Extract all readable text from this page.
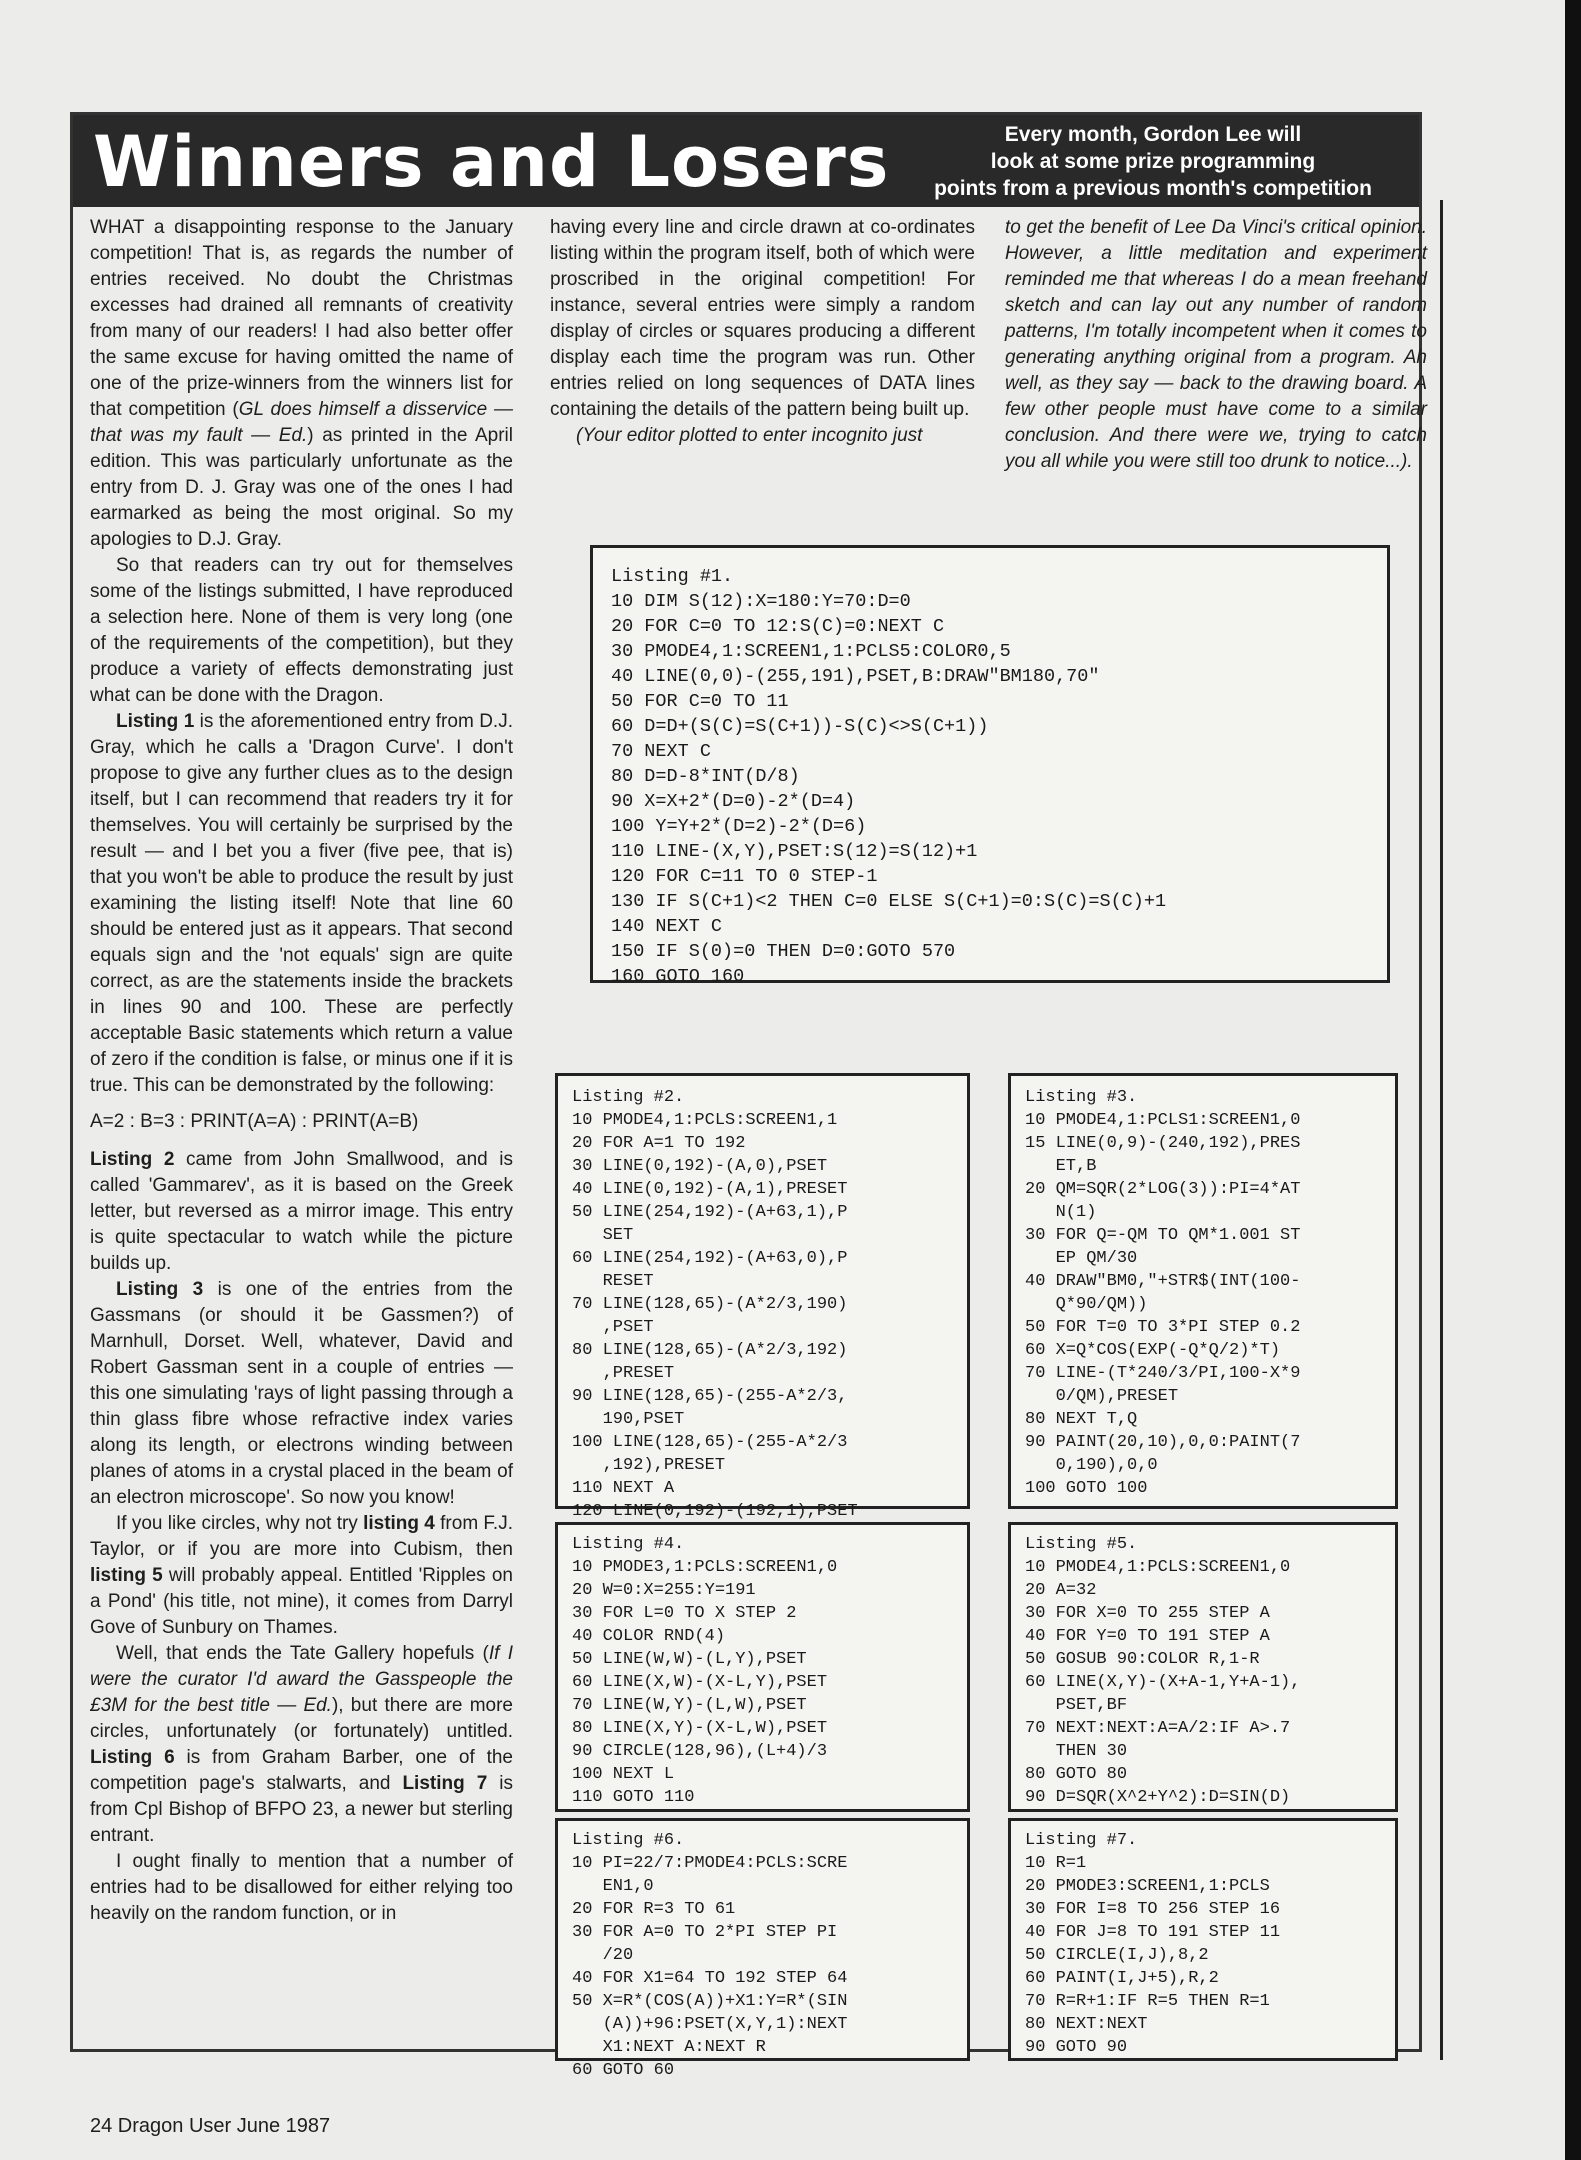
Winners and Losers	Every month, Gordon Lee will
look at some prize programming
points from a previous month's competition

WHAT a disappointing response to the January competition! That is, as regards the number of entries received. No doubt the Christmas excesses had drained all remnants of creativity from many of our readers! I had also better offer the same excuse for having omitted the name of one of the prize-winners from the winners list for that competition (GL does himself a disservice — that was my fault — Ed.) as printed in the April edition. This was particularly unfortunate as the entry from D. J. Gray was one of the ones I had earmarked as being the most original. So my apologies to D.J. Gray.

So that readers can try out for themselves some of the listings submitted, I have reproduced a selection here. None of them is very long (one of the requirements of the competition), but they produce a variety of effects demonstrating just what can be done with the Dragon.

Listing 1 is the aforementioned entry from D.J. Gray, which he calls a 'Dragon Curve'. I don't propose to give any further clues as to the design itself, but I can recommend that readers try it for themselves. You will certainly be surprised by the result — and I bet you a fiver (five pee, that is) that you won't be able to produce the result by just examining the listing itself! Note that line 60 should be entered just as it appears. That second equals sign and the 'not equals' sign are quite correct, as are the statements inside the brackets in lines 90 and 100. These are perfectly acceptable Basic statements which return a value of zero if the condition is false, or minus one if it is true. This can be demonstrated by the following:

A=2 : B=3 : PRINT(A=A) : PRINT(A=B)

Listing 2 came from John Smallwood, and is called 'Gammarev', as it is based on the Greek letter, but reversed as a mirror image. This entry is quite spectacular to watch while the picture builds up.

Listing 3 is one of the entries from the Gassmans (or should it be Gassmen?) of Marnhull, Dorset. Well, whatever, David and Robert Gassman sent in a couple of entries — this one simulating 'rays of light passing through a thin glass fibre whose refractive index varies along its length, or electrons winding between planes of atoms in a crystal placed in the beam of an electron microscope'. So now you know!

If you like circles, why not try listing 4 from F.J. Taylor, or if you are more into Cubism, then listing 5 will probably appeal. Entitled 'Ripples on a Pond' (his title, not mine), it comes from Darryl Gove of Sunbury on Thames.

Well, that ends the Tate Gallery hopefuls (If I were the curator I'd award the Gasspeople the £3M for the best title — Ed.), but there are more circles, unfortunately (or fortunately) untitled. Listing 6 is from Graham Barber, one of the competition page's stalwarts, and Listing 7 is from Cpl Bishop of BFPO 23, a newer but sterling entrant.

I ought finally to mention that a number of entries had to be disallowed for either relying too heavily on the random function, or in

having every line and circle drawn at co-ordinates listing within the program itself, both of which were proscribed in the original competition! For instance, several entries were simply a random display of circles or squares producing a different display each time the program was run. Other entries relied on long sequences of DATA lines containing the details of the pattern being built up.

(Your editor plotted to enter incognito just

to get the benefit of Lee Da Vinci's critical opinion. However, a little meditation and experiment reminded me that whereas I do a mean freehand sketch and can lay out any number of random patterns, I'm totally incompetent when it comes to generating anything original from a program. Ah well, as they say — back to the drawing board. A few other people must have come to a similar conclusion. And there were we, trying to catch you all while you were still too drunk to notice...).

Listing #1.
10 DIM S(12):X=180:Y=70:D=0
20 FOR C=0 TO 12:S(C)=0:NEXT C
30 PMODE4,1:SCREEN1,1:PCLS5:COLOR0,5
40 LINE(0,0)-(255,191),PSET,B:DRAW"BM180,70"
50 FOR C=0 TO 11
60 D=D+(S(C)=S(C+1))-S(C)<>S(C+1))
70 NEXT C
80 D=D-8*INT(D/8)
90 X=X+2*(D=0)-2*(D=4)
100 Y=Y+2*(D=2)-2*(D=6)
110 LINE-(X,Y),PSET:S(12)=S(12)+1
120 FOR C=11 TO 0 STEP-1
130 IF S(C+1)<2 THEN C=0 ELSE S(C+1)=0:S(C)=S(C)+1
140 NEXT C
150 IF S(0)=0 THEN D=0:GOTO 570
160 GOTO 160
Listing #2.
10 PMODE4,1:PCLS:SCREEN1,1
20 FOR A=1 TO 192
30 LINE(0,192)-(A,0),PSET
40 LINE(0,192)-(A,1),PRESET
50 LINE(254,192)-(A+63,1),P
SET
60 LINE(254,192)-(A+63,0),P
RESET
70 LINE(128,65)-(A*2/3,190)
,PSET
80 LINE(128,65)-(A*2/3,192)
,PRESET
90 LINE(128,65)-(255-A*2/3,
190,PSET
100 LINE(128,65)-(255-A*2/3
,192),PRESET
110 NEXT A
120 LINE(0,192)-(192,1),PSET
Listing #3.
10 PMODE4,1:PCLS1:SCREEN1,0
15 LINE(0,9)-(240,192),PRES
ET,B
20 QM=SQR(2*LOG(3)):PI=4*AT
N(1)
30 FOR Q=-QM TO QM*1.001 ST
EP QM/30
40 DRAW"BM0,"+STR$(INT(100-
Q*90/QM))
50 FOR T=0 TO 3*PI STEP 0.2
60 X=Q*COS(EXP(-Q*Q/2)*T)
70 LINE-(T*240/3/PI,100-X*9
0/QM),PRESET
80 NEXT T,Q
90 PAINT(20,10),0,0:PAINT(7
0,190),0,0
100 GOTO 100
Listing #4.
10 PMODE3,1:PCLS:SCREEN1,0
20 W=0:X=255:Y=191
30 FOR L=0 TO X STEP 2
40 COLOR RND(4)
50 LINE(W,W)-(L,Y),PSET
60 LINE(X,W)-(X-L,Y),PSET
70 LINE(W,Y)-(L,W),PSET
80 LINE(X,Y)-(X-L,W),PSET
90 CIRCLE(128,96),(L+4)/3
100 NEXT L
110 GOTO 110
Listing #5.
10 PMODE4,1:PCLS:SCREEN1,0
20 A=32
30 FOR X=0 TO 255 STEP A
40 FOR Y=0 TO 191 STEP A
50 GOSUB 90:COLOR R,1-R
60 LINE(X,Y)-(X+A-1,Y+A-1),
PSET,BF
70 NEXT:NEXT:A=A/2:IF A>.7
THEN 30
80 GOTO 80
90 D=SQR(X^2+Y^2):D=SIN(D)
Listing #6.
10 PI=22/7:PMODE4:PCLS:SCRE
EN1,0
20 FOR R=3 TO 61
30 FOR A=0 TO 2*PI STEP PI
/20
40 FOR X1=64 TO 192 STEP 64
50 X=R*(COS(A))+X1:Y=R*(SIN
(A))+96:PSET(X,Y,1):NEXT
X1:NEXT A:NEXT R
60 GOTO 60
Listing #7.
10 R=1
20 PMODE3:SCREEN1,1:PCLS
30 FOR I=8 TO 256 STEP 16
40 FOR J=8 TO 191 STEP 11
50 CIRCLE(I,J),8,2
60 PAINT(I,J+5),R,2
70 R=R+1:IF R=5 THEN R=1
80 NEXT:NEXT
90 GOTO 90
24 Dragon User June 1987
